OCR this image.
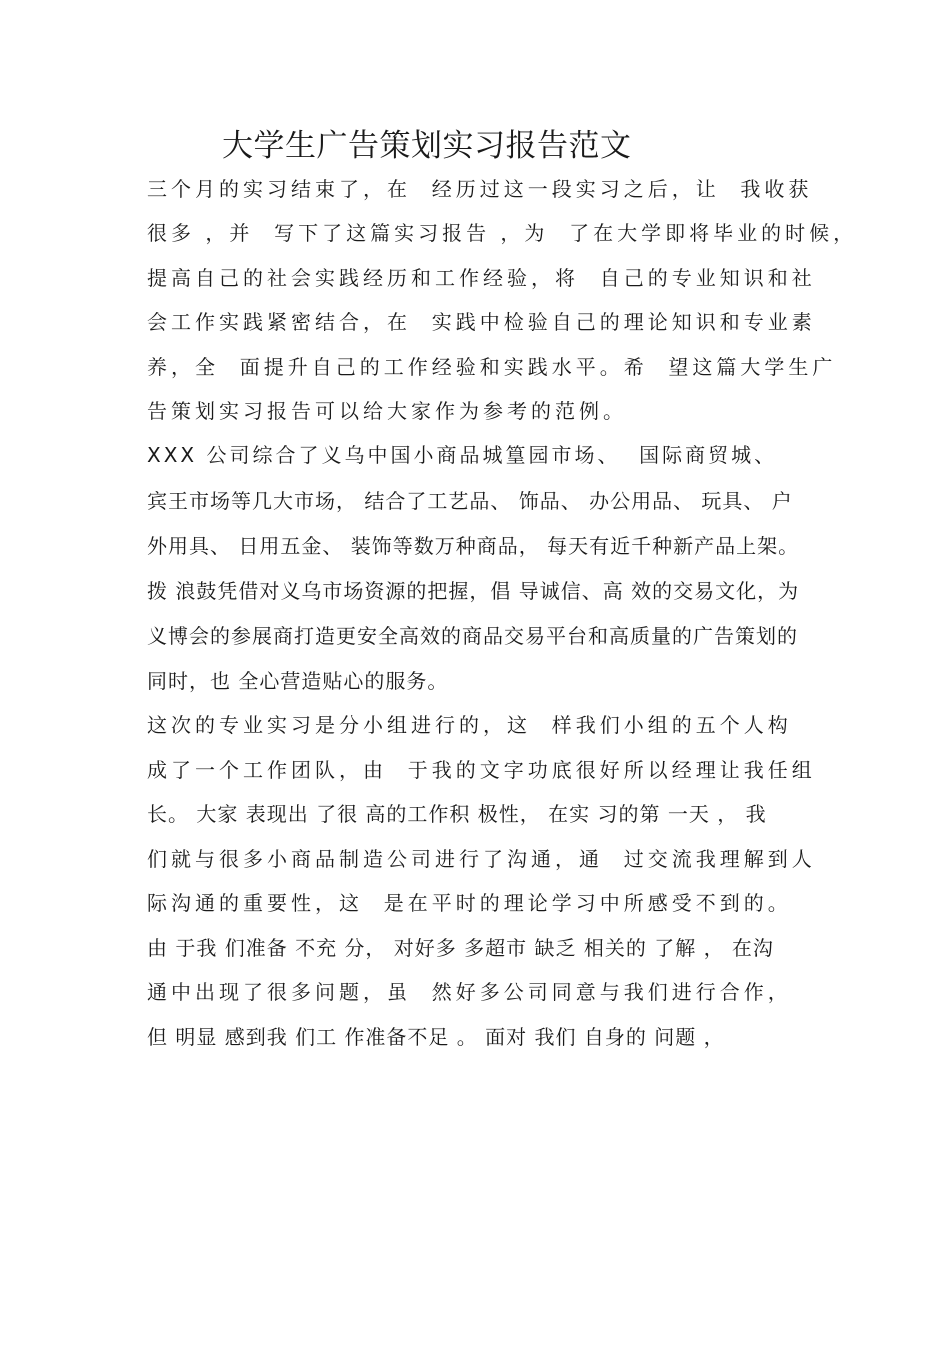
大学生广告策划实习报告范文
三个月的实习结束了，在  经历过这一段实习之后，让  我收获
很多 ，并  写下了这篇实习报告 ，为  了在大学即将毕业的时候，
提高自己的社会实践经历和工作经验，将  自己的专业知识和社
会工作实践紧密结合，在  实践中检验自己的理论知识和专业素
养，全  面提升自己的工作经验和实践水平。希  望这篇大学生广
告策划实习报告可以给大家作为参考的范例。
XXX 公司综合了义乌中国小商品城篁园市场、  国际商贸城、
宾王市场等几大市场， 结合了工艺品、 饰品、 办公用品、 玩具、 户
外用具、 日用五金、 装饰等数万种商品， 每天有近千种新产品上架。
拨 浪鼓凭借对义乌市场资源的把握，倡 导诚信、高 效的交易文化，为
义博会的参展商打造更安全高效的商品交易平台和高质量的广告策划的
同时，也 全心营造贴心的服务。
这次的专业实习是分小组进行的，这  样我们小组的五个人构
成了一个工作团队，由  于我的文字功底很好所以经理让我任组
长。 大家 表现出 了很 高的工作积 极性， 在实 习的第 一天 ， 我
们就与很多小商品制造公司进行了沟通，通  过交流我理解到人
际沟通的重要性，这  是在平时的理论学习中所感受不到的。
由 于我 们准备 不充 分， 对好多 多超市 缺乏 相关的 了解 ， 在沟
通中出现了很多问题，虽  然好多公司同意与我们进行合作，
但 明显 感到我 们工 作准备不足 。 面对 我们 自身的 问题 ，
